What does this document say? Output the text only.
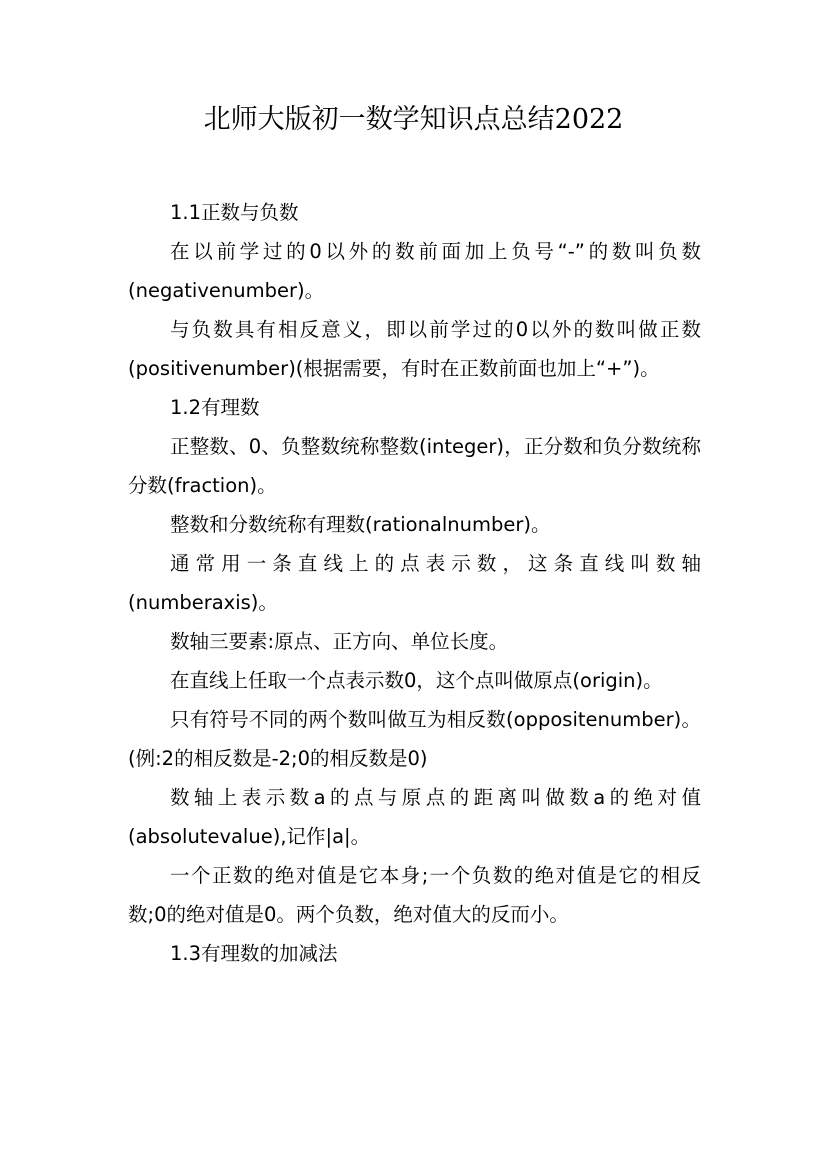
北师大版初一数学知识点总结2022

1.1正数与负数

在以前学过的0以外的数前面加上负号“-”的数叫负数(negativenumber)。

与负数具有相反意义，即以前学过的0以外的数叫做正数(positivenumber)(根据需要，有时在正数前面也加上“+”)。

1.2有理数

正整数、0、负整数统称整数(integer)，正分数和负分数统称分数(fraction)。

整数和分数统称有理数(rationalnumber)。

通常用一条直线上的点表示数，这条直线叫数轴(numberaxis)。

数轴三要素:原点、正方向、单位长度。

在直线上任取一个点表示数0，这个点叫做原点(origin)。

只有符号不同的两个数叫做互为相反数(oppositenumber)。(例:2的相反数是-2;0的相反数是0)

数轴上表示数a的点与原点的距离叫做数a的绝对值(absolutevalue),记作|a|。

一个正数的绝对值是它本身;一个负数的绝对值是它的相反数;0的绝对值是0。两个负数，绝对值大的反而小。

1.3有理数的加减法
